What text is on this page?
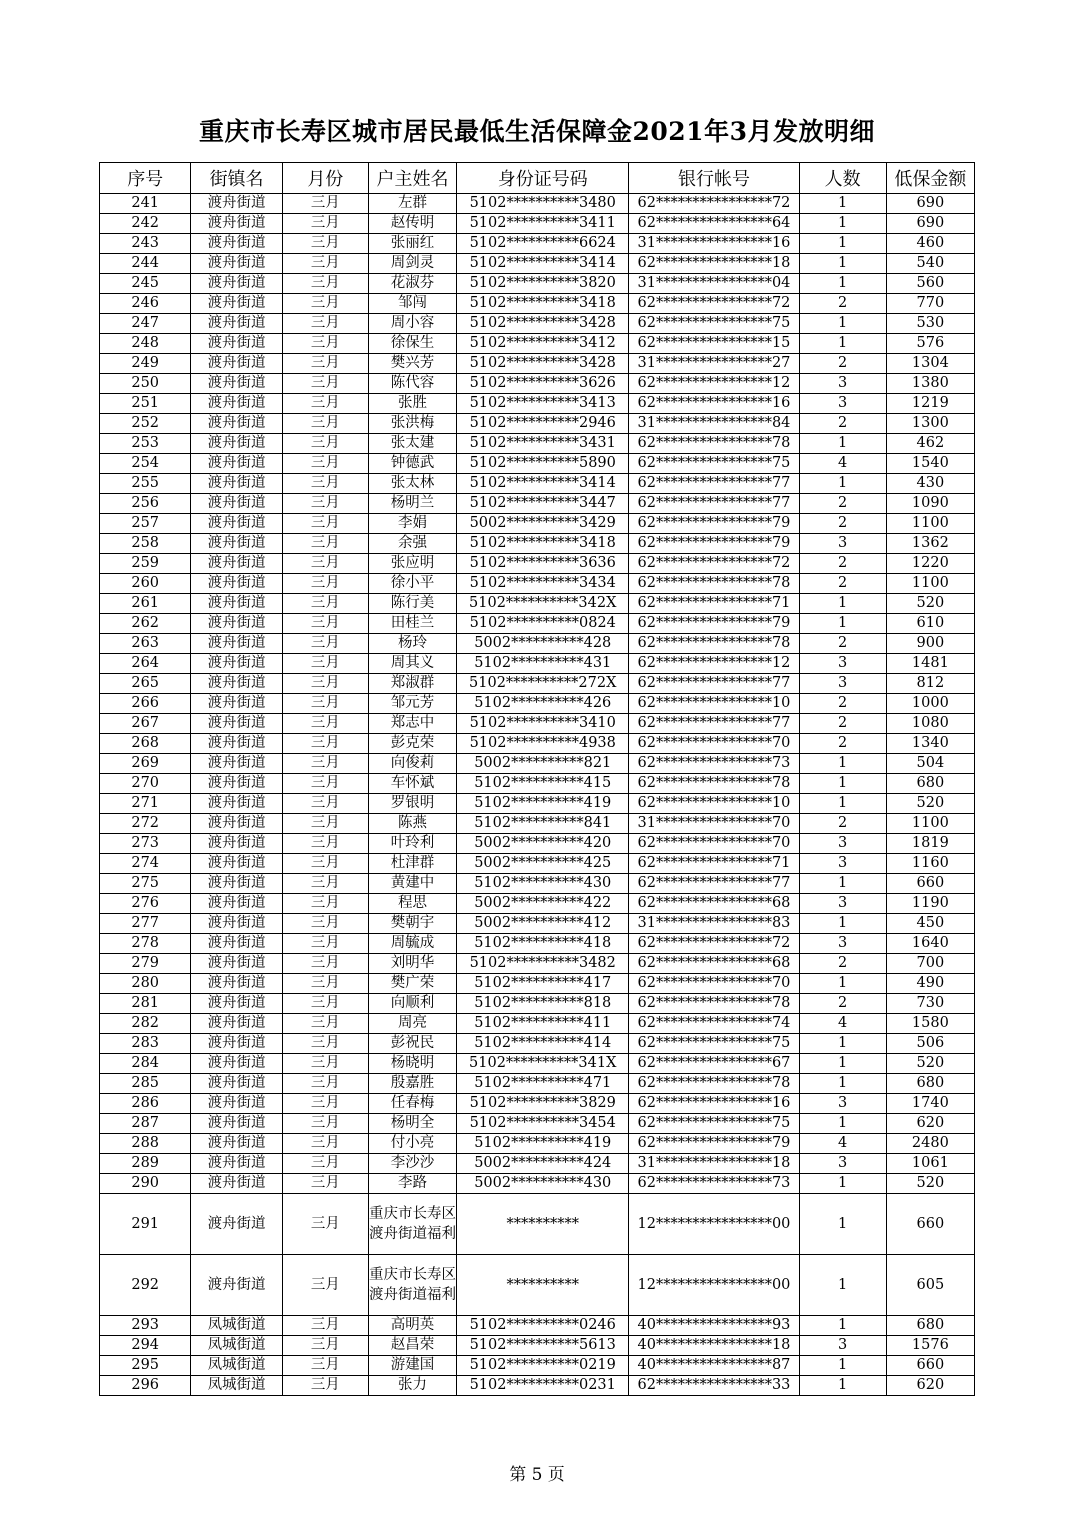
重庆市长寿区城市居民最低生活保障金2021年3月发放明细
序号	街镇名	月份	户主姓名	身份证号码	银行帐号	人数	低保金额
241	渡舟街道	三月	左群	5102**********3480	62****************72	1	690
242	渡舟街道	三月	赵传明	5102**********3411	62****************64	1	690
243	渡舟街道	三月	张丽红	5102**********6624	31****************16	1	460
244	渡舟街道	三月	周剑灵	5102**********3414	62****************18	1	540
245	渡舟街道	三月	花淑芬	5102**********3820	31****************04	1	560
246	渡舟街道	三月	邹闯	5102**********3418	62****************72	2	770
247	渡舟街道	三月	周小容	5102**********3428	62****************75	1	530
248	渡舟街道	三月	徐保生	5102**********3412	62****************15	1	576
249	渡舟街道	三月	樊兴芳	5102**********3428	31****************27	2	1304
250	渡舟街道	三月	陈代容	5102**********3626	62****************12	3	1380
251	渡舟街道	三月	张胜	5102**********3413	62****************16	3	1219
252	渡舟街道	三月	张洪梅	5102**********2946	31****************84	2	1300
253	渡舟街道	三月	张太建	5102**********3431	62****************78	1	462
254	渡舟街道	三月	钟德武	5102**********5890	62****************75	4	1540
255	渡舟街道	三月	张太林	5102**********3414	62****************77	1	430
256	渡舟街道	三月	杨明兰	5102**********3447	62****************77	2	1090
257	渡舟街道	三月	李娟	5002**********3429	62****************79	2	1100
258	渡舟街道	三月	余强	5102**********3418	62****************79	3	1362
259	渡舟街道	三月	张应明	5102**********3636	62****************72	2	1220
260	渡舟街道	三月	徐小平	5102**********3434	62****************78	2	1100
261	渡舟街道	三月	陈行美	5102**********342X	62****************71	1	520
262	渡舟街道	三月	田桂兰	5102**********0824	62****************79	1	610
263	渡舟街道	三月	杨玲	5002**********428	62****************78	2	900
264	渡舟街道	三月	周其义	5102**********431	62****************12	3	1481
265	渡舟街道	三月	郑淑群	5102**********272X	62****************77	3	812
266	渡舟街道	三月	邹元芳	5102**********426	62****************10	2	1000
267	渡舟街道	三月	郑志中	5102**********3410	62****************77	2	1080
268	渡舟街道	三月	彭克荣	5102**********4938	62****************70	2	1340
269	渡舟街道	三月	向俊莉	5002**********821	62****************73	1	504
270	渡舟街道	三月	车怀斌	5102**********415	62****************78	1	680
271	渡舟街道	三月	罗银明	5102**********419	62****************10	1	520
272	渡舟街道	三月	陈燕	5102**********841	31****************70	2	1100
273	渡舟街道	三月	叶玲利	5002**********420	62****************70	3	1819
274	渡舟街道	三月	杜津群	5002**********425	62****************71	3	1160
275	渡舟街道	三月	黄建中	5102**********430	62****************77	1	660
276	渡舟街道	三月	程思	5002**********422	62****************68	3	1190
277	渡舟街道	三月	樊朝宇	5002**********412	31****************83	1	450
278	渡舟街道	三月	周毓成	5102**********418	62****************72	3	1640
279	渡舟街道	三月	刘明华	5102**********3482	62****************68	2	700
280	渡舟街道	三月	樊广荣	5102**********417	62****************70	1	490
281	渡舟街道	三月	向顺利	5102**********818	62****************78	2	730
282	渡舟街道	三月	周亮	5102**********411	62****************74	4	1580
283	渡舟街道	三月	彭祝民	5102**********414	62****************75	1	506
284	渡舟街道	三月	杨晓明	5102**********341X	62****************67	1	520
285	渡舟街道	三月	殷嘉胜	5102**********471	62****************78	1	680
286	渡舟街道	三月	任春梅	5102**********3829	62****************16	3	1740
287	渡舟街道	三月	杨明全	5102**********3454	62****************75	1	620
288	渡舟街道	三月	付小亮	5102**********419	62****************79	4	2480
289	渡舟街道	三月	李沙沙	5002**********424	31****************18	3	1061
290	渡舟街道	三月	李路	5002**********430	62****************73	1	520
291	渡舟街道	三月	重庆市长寿区渡舟街道福利	**********	12****************00	1	660
292	渡舟街道	三月	重庆市长寿区渡舟街道福利	**********	12****************00	1	605
293	凤城街道	三月	高明英	5102**********0246	40****************93	1	680
294	凤城街道	三月	赵昌荣	5102**********5613	40****************18	3	1576
295	凤城街道	三月	游建国	5102**********0219	40****************87	1	660
296	凤城街道	三月	张力	5102**********0231	62****************33	1	620
第 5 页
